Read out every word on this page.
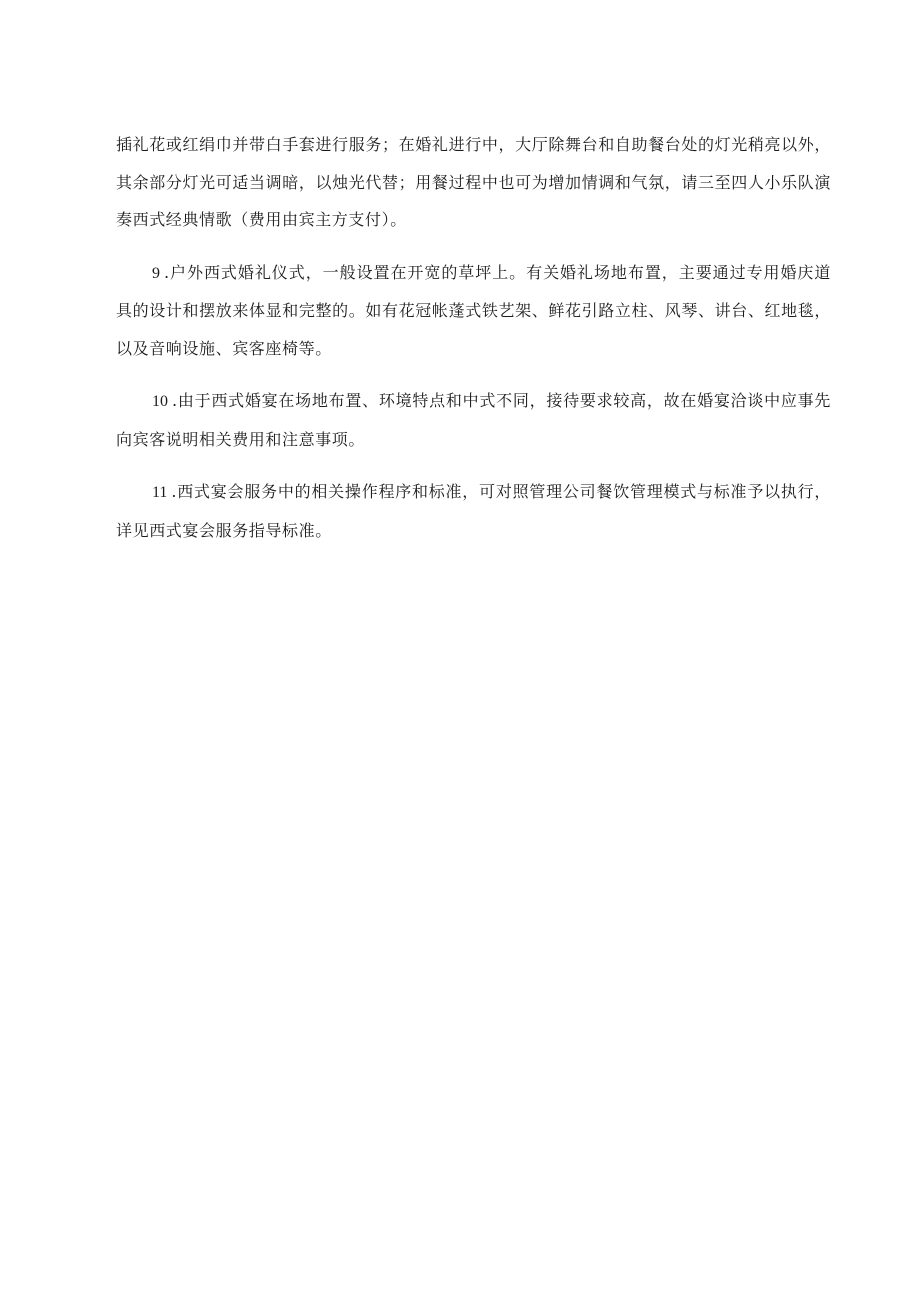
插礼花或红绢巾并带白手套进行服务；在婚礼进行中，大厅除舞台和自助餐台处的灯光稍亮以外，其余部分灯光可适当调暗，以烛光代替；用餐过程中也可为增加情调和气氛，请三至四人小乐队演奏西式经典情歌（费用由宾主方支付）。

9 .户外西式婚礼仪式，一般设置在开宽的草坪上。有关婚礼场地布置，主要通过专用婚庆道具的设计和摆放来体显和完整的。如有花冠帐蓬式铁艺架、鲜花引路立柱、风琴、讲台、红地毯，以及音响设施、宾客座椅等。

10 .由于西式婚宴在场地布置、环境特点和中式不同，接待要求较高，故在婚宴洽谈中应事先向宾客说明相关费用和注意事项。

11 .西式宴会服务中的相关操作程序和标准，可对照管理公司餐饮管理模式与标准予以执行，详见西式宴会服务指导标准。
